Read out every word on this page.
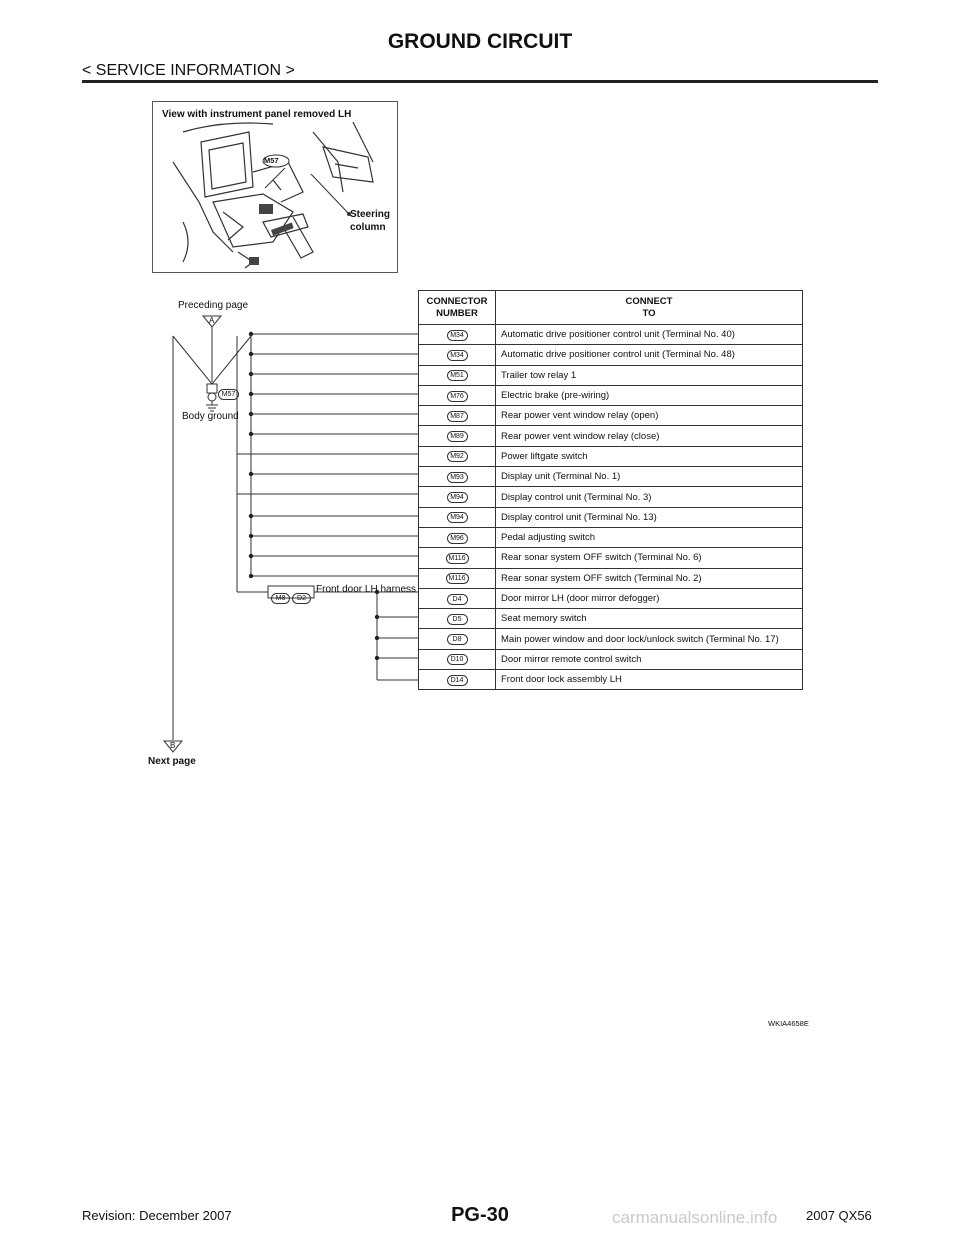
GROUND CIRCUIT
< SERVICE INFORMATION >
View with instrument panel removed LH
M57
Steering
column
Preceding page
A
M57
Body ground
M8	D2
Front door LH harness
B
Next page
CONNECTOR
NUMBER	CONNECT
TO

M34	Automatic drive positioner control unit (Terminal No. 40)
M34	Automatic drive positioner control unit (Terminal No. 48)
M51	Trailer tow relay 1
M76	Electric brake (pre-wiring)
M87	Rear power vent window relay (open)
M89	Rear power vent window relay (close)
M92	Power liftgate switch
M93	Display unit (Terminal No. 1)
M94	Display control unit (Terminal No. 3)
M94	Display control unit (Terminal No. 13)
M96	Pedal adjusting switch
M116	Rear sonar system OFF switch (Terminal No. 6)
M116	Rear sonar system OFF switch (Terminal No. 2)
D4	Door mirror LH (door mirror defogger)
D5	Seat memory switch
D8	Main power window and door lock/unlock switch (Terminal No. 17)
D10	Door mirror remote control switch
D14	Front door lock assembly LH
WKIA4658E
carmanualsonline.info
Revision: December 2007	PG-30	2007 QX56
